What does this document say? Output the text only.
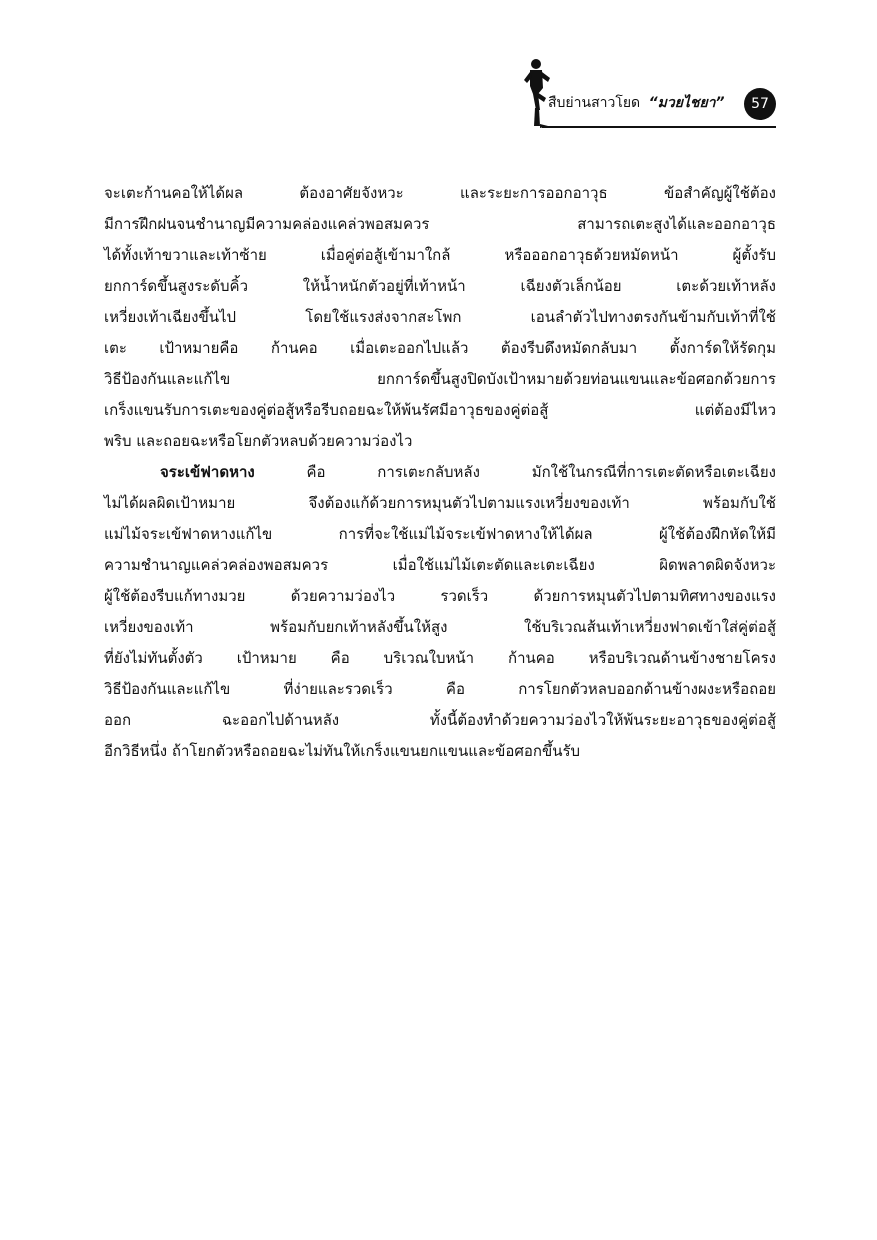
สืบย่านสาวโยด “มวยไชยา”	57
จะเตะก้านคอให้ได้ผล ต้องอาศัยจังหวะ และระยะการออกอาวุธ ข้อสำคัญผู้ใช้ต้อง
มีการฝึกฝนจนชำนาญมีความคล่องแคล่วพอสมควร สามารถเตะสูงได้และออกอาวุธ
ได้ทั้งเท้าขวาและเท้าซ้าย เมื่อคู่ต่อสู้เข้ามาใกล้ หรือออกอาวุธด้วยหมัดหน้า ผู้ตั้งรับ
ยกการ์ดขึ้นสูงระดับคิ้ว ให้น้ำหนักตัวอยู่ที่เท้าหน้า เฉียงตัวเล็กน้อย เตะด้วยเท้าหลัง
เหวี่ยงเท้าเฉียงขึ้นไป โดยใช้แรงส่งจากสะโพก เอนลำตัวไปทางตรงกันข้ามกับเท้าที่ใช้
เตะ เป้าหมายคือ ก้านคอ เมื่อเตะออกไปแล้ว ต้องรีบดึงหมัดกลับมา ตั้งการ์ดให้รัดกุม
วิธีป้องกันและแก้ไข ยกการ์ดขึ้นสูงปิดบังเป้าหมายด้วยท่อนแขนและข้อศอกด้วยการ
เกร็งแขนรับการเตะของคู่ต่อสู้หรือรีบถอยฉะให้พ้นรัศมีอาวุธของคู่ต่อสู้ แต่ต้องมีไหว
พริบ และถอยฉะหรือโยกตัวหลบด้วยความว่องไว
จระเข้ฟาดหาง คือ การเตะกลับหลัง มักใช้ในกรณีที่การเตะตัดหรือเตะเฉียง
ไม่ได้ผลผิดเป้าหมาย จึงต้องแก้ด้วยการหมุนตัวไปตามแรงเหวี่ยงของเท้า พร้อมกับใช้
แม่ไม้จระเข้ฟาดหางแก้ไข การที่จะใช้แม่ไม้จระเข้ฟาดหางให้ได้ผล ผู้ใช้ต้องฝึกหัดให้มี
ความชำนาญแคล่วคล่องพอสมควร เมื่อใช้แม่ไม้เตะตัดและเตะเฉียง ผิดพลาดผิดจังหวะ
ผู้ใช้ต้องรีบแก้ทางมวย ด้วยความว่องไว รวดเร็ว ด้วยการหมุนตัวไปตามทิศทางของแรง
เหวี่ยงของเท้า พร้อมกับยกเท้าหลังขึ้นให้สูง ใช้บริเวณส้นเท้าเหวี่ยงฟาดเข้าใส่คู่ต่อสู้
ที่ยังไม่ทันตั้งตัว เป้าหมาย คือ บริเวณใบหน้า ก้านคอ หรือบริเวณด้านข้างชายโครง
วิธีป้องกันและแก้ไข ที่ง่ายและรวดเร็ว คือ การโยกตัวหลบออกด้านข้างผงะหรือถอย
ออก ฉะออกไปด้านหลัง ทั้งนี้ต้องทำด้วยความว่องไวให้พ้นระยะอาวุธของคู่ต่อสู้
อีกวิธีหนึ่ง ถ้าโยกตัวหรือถอยฉะไม่ทันให้เกร็งแขนยกแขนและข้อศอกขึ้นรับ
